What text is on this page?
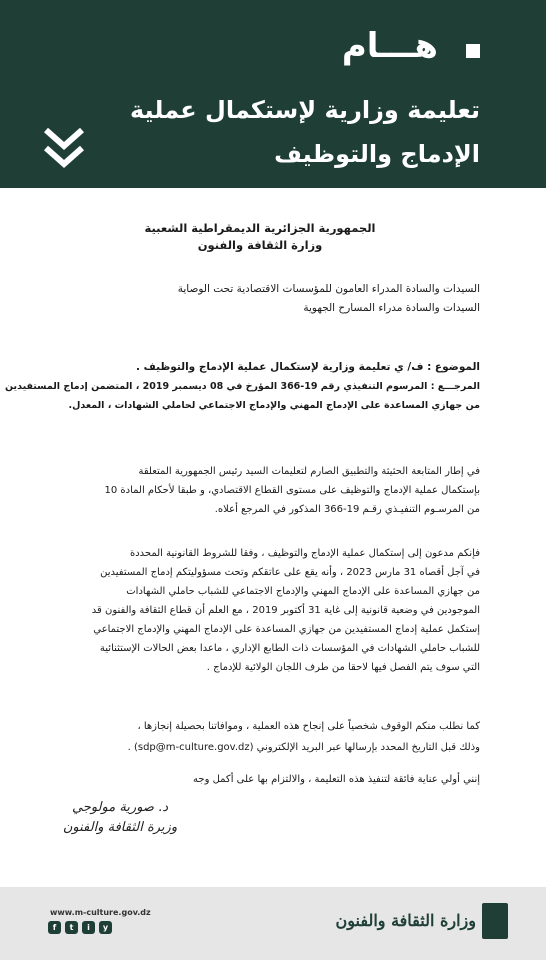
هـــام
تعليمة وزارية لإستكمال عملية الإدماج والتوظيف
الجمهورية الجزائرية الديمقراطية الشعبية
وزارة الثقافة والفنون
السيدات والسادة المدراء العامون للمؤسسات الاقتصادية تحت الوصاية
السيدات والسادة مدراء المسارح الجهوية
الموضوع : ف/ ي تعليمة وزارية لإستكمال عملية الإدماج والتوظيف .
المرجـــع : المرسوم التنفيذي رقم 19-366 المؤرخ في 08 ديسمبر 2019 ، المتضمن إدماج المستفيدين
من جهازي المساعدة على الإدماج المهني والإدماج الاجتماعي لحاملي الشهادات ، المعدل.
في إطار المتابعة الحثيثة والتطبيق الصارم لتعليمات السيد رئيس الجمهورية المتعلقة
بإستكمال عملية الإدماج والتوظيف على مستوى القطاع الاقتصادي، و طبقا لأحكام المادة 10
من المرسـوم التنفيـذي رقـم 19-366 المذكور في المرجع أعلاه.
فإنكم مدعون إلى إستكمال عملية الإدماج والتوظيف ، وفقا للشروط القانونية المحددة
في آجل أقصاه 31 مارس 2023 ، وأنه يقع على عاتقكم وتحت مسؤوليتكم إدماج المستفيدين
من جهازي المساعدة على الإدماج المهني والإدماج الاجتماعي للشباب حاملي الشهادات
الموجودين في وضعية قانونية إلى غاية 31 أكتوبر 2019 ، مع العلم أن قطاع الثقافة والفنون قد
إستكمل عملية إدماج المستفيدين من جهازي المساعدة على الإدماج المهني والإدماج الاجتماعي
للشباب حاملي الشهادات في المؤسسات ذات الطابع الإداري ، ماعدا بعض الحالات الإستثنائية
التي سوف يتم الفصل فيها لاحقا من طرف اللجان الولائية للإدماج .
كما نطلب منكم الوقوف شخصياً على إنجاح هذه العملية ، وموافاتنا بحصيلة إنجازها ،
وذلك قبل التاريخ المحدد بإرسالها عبر البريد الإلكتروني (sdp@m-culture.gov.dz) .
إنني أولي عناية فائقة لتنفيذ هذه التعليمة ، والالتزام بها على أكمل وجه
د. صورية مولوجي
وزيرة الثقافة والفنون
www.m-culture.gov.dz
f	t	i	y	وزارة الثقافة والفنون
